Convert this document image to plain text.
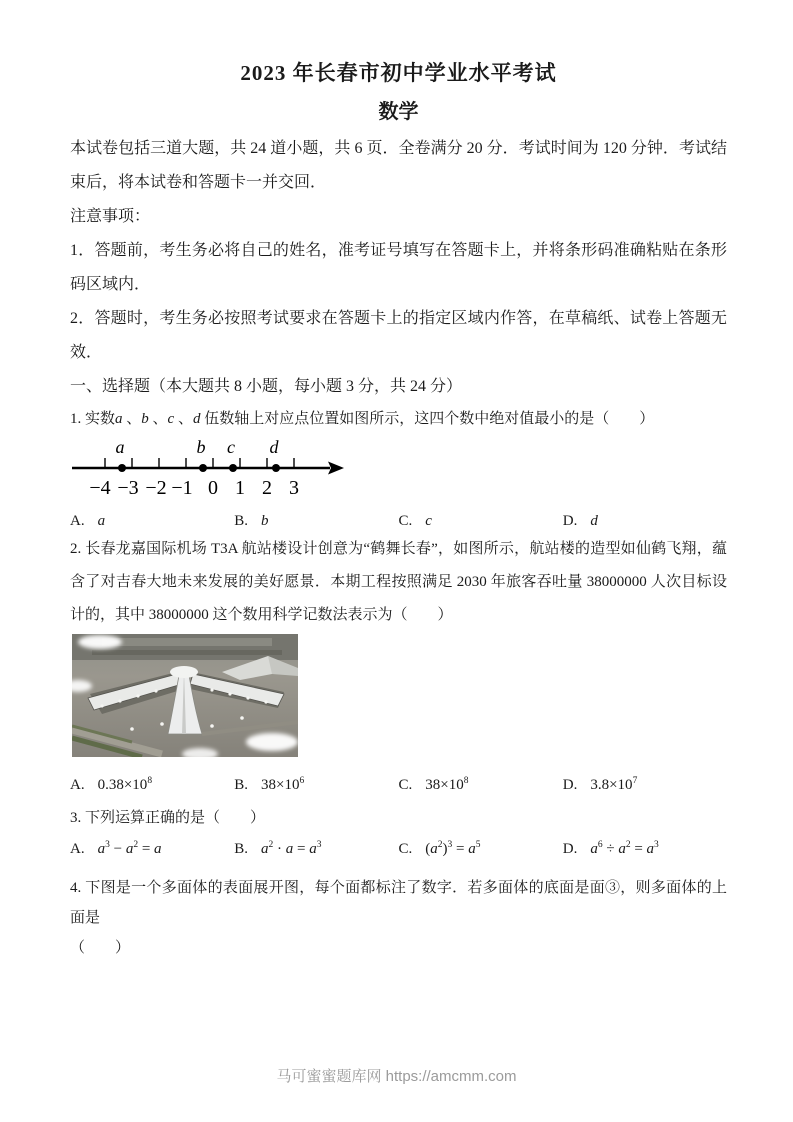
2023 年长春市初中学业水平考试
数学

本试卷包括三道大题，共 24 道小题，共 6 页．全卷满分 20 分．考试时间为 120 分钟．考试结束后，将本试卷和答题卡一并交回．

注意事项：

1．答题前，考生务必将自己的姓名，准考证号填写在答题卡上，并将条形码准确粘贴在条形码区域内．

2．答题时，考生务必按照考试要求在答题卡上的指定区域内作答，在草稿纸、试卷上答题无效．

一、选择题（本大题共 8 小题，每小题 3 分，共 24 分）

1. 实数a 、b 、c 、d 伍数轴上对应点位置如图所示，这四个数中绝对值最小的是（　　）

a	b c d
−4 −3 −2 −1 0 1 2 3
A. a	B. b	C. c	D. d

2. 长春龙嘉国际机场 T3A 航站楼设计创意为“鹤舞长春”，如图所示，航站楼的造型如仙鹤飞翔，蕴含了对吉春大地未来发展的美好愿景．本期工程按照满足 2030 年旅客吞吐量 38000000 人次目标设计的，其中 38000000 这个数用科学记数法表示为（　　）

A. $0.38\times 10^8$	B. $38\times 10^6$	C. $38\times 10^8$	D. $3.8\times 10^7$

3. 下列运算正确的是（　　）

A. $a^3 - a^2 = a$	B. $a^2 \cdot a = a^3$	C. $(a^2)^3 = a^5$	D. $a^6 \div a^2 = a^3$

4. 下图是一个多面体的表面展开图，每个面都标注了数字．若多面体的底面是面③，则多面体的上面是

（　　）

马可蜜蜜题库网 https://amcmm.com
